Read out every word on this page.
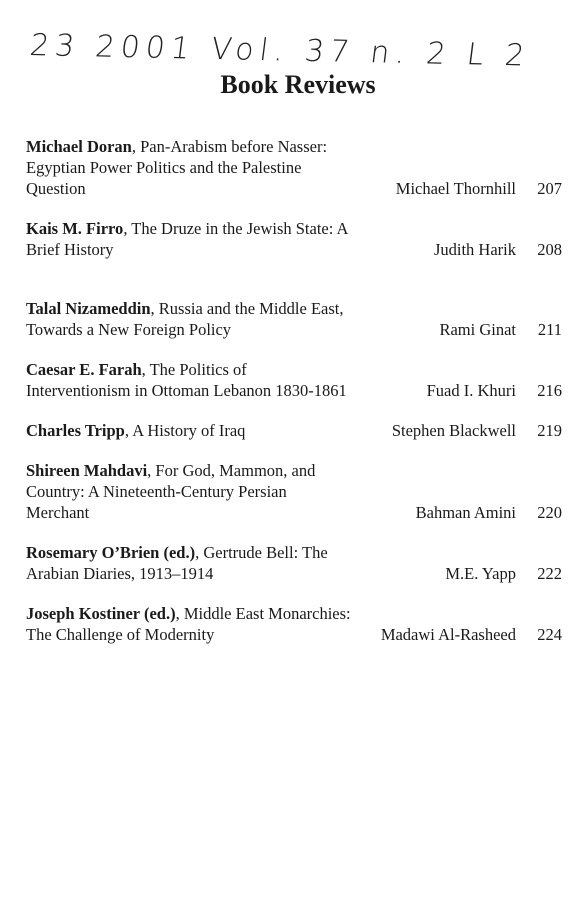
23 2001 Vol. 37 n. 2 L 2
Book Reviews
Michael Doran, Pan-Arabism before Nasser: Egyptian Power Politics and the Palestine Question	Michael Thornhill 207
Kais M. Firro, The Druze in the Jewish State: A Brief History	Judith Harik 208
Talal Nizameddin, Russia and the Middle East, Towards a New Foreign Policy	Rami Ginat 211
Caesar E. Farah, The Politics of Interventionism in Ottoman Lebanon 1830-1861	Fuad I. Khuri 216
Charles Tripp, A History of Iraq	Stephen Blackwell 219
Shireen Mahdavi, For God, Mammon, and Country: A Nineteenth-Century Persian Merchant	Bahman Amini 220
Rosemary O’Brien (ed.), Gertrude Bell: The Arabian Diaries, 1913–1914	M.E. Yapp 222
Joseph Kostiner (ed.), Middle East Monarchies: The Challenge of Modernity	Madawi Al-Rasheed 224
